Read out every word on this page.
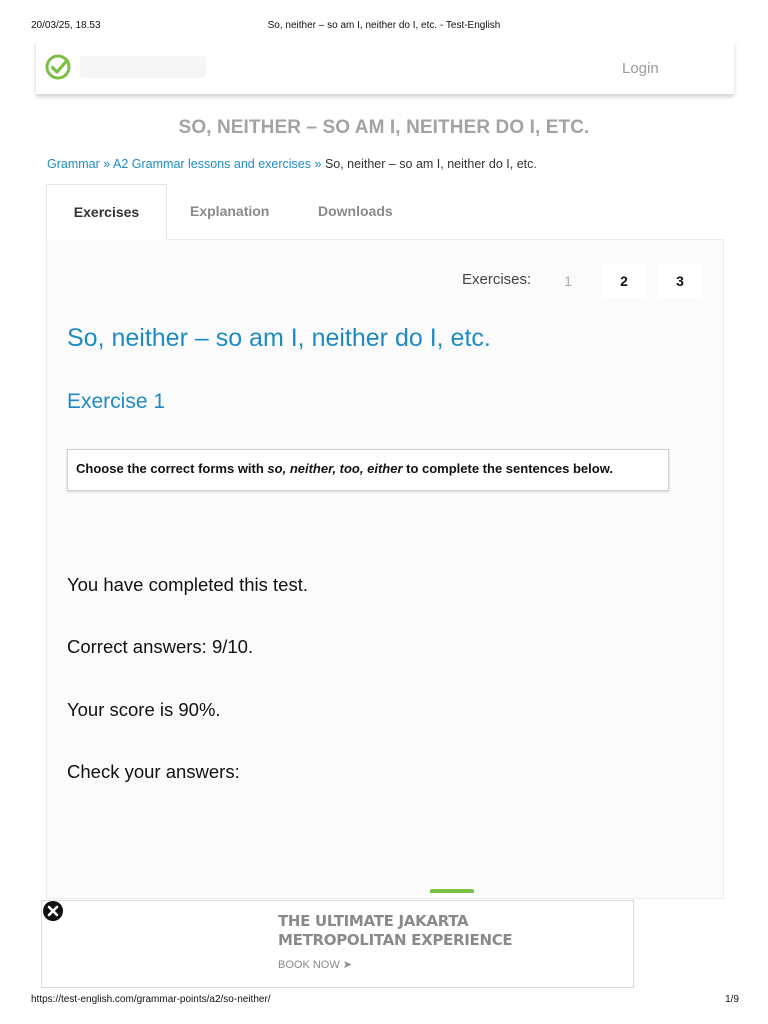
20/03/25, 18.53	So, neither – so am I, neither do I, etc. - Test-English
Login
SO, NEITHER – SO AM I, NEITHER DO I, ETC.
Grammar » A2 Grammar lessons and exercises » So, neither – so am I, neither do I, etc.
Exercises	Explanation	Downloads
Exercises:	1	2	3
So, neither – so am I, neither do I, etc.
Exercise 1
Choose the correct forms with so, neither, too, either to complete the sentences below.
You have completed this test.
Correct answers: 9/10.
Your score is 90%.
Check your answers:
THE ULTIMATE JAKARTA
METROPOLITAN EXPERIENCE
BOOK NOW ➤
https://test-english.com/grammar-points/a2/so-neither/	1/9
